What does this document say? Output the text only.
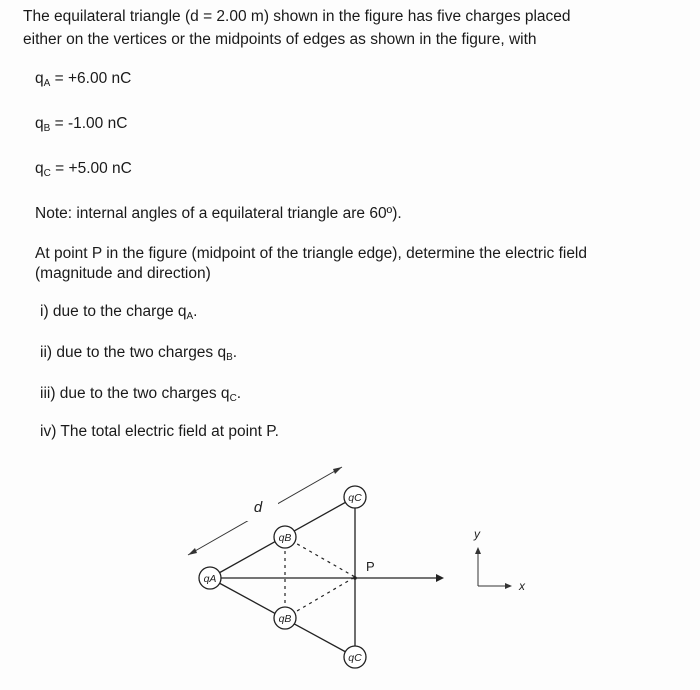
The equilateral triangle (d = 2.00 m) shown in the figure has five charges placed
either on the vertices or the midpoints of edges as shown in the figure, with
qA = +6.00 nC
qB = -1.00 nC
qC = +5.00 nC
Note: internal angles of a equilateral triangle are 60º).
At point P in the figure (midpoint of the triangle edge), determine the electric field
(magnitude and direction)
i) due to the charge qA.
ii) due to the two charges qB.
iii) due to the two charges qC.
iv) The total electric field at point P.
d
P
qA
qB
qB
qC
qC
y
x
